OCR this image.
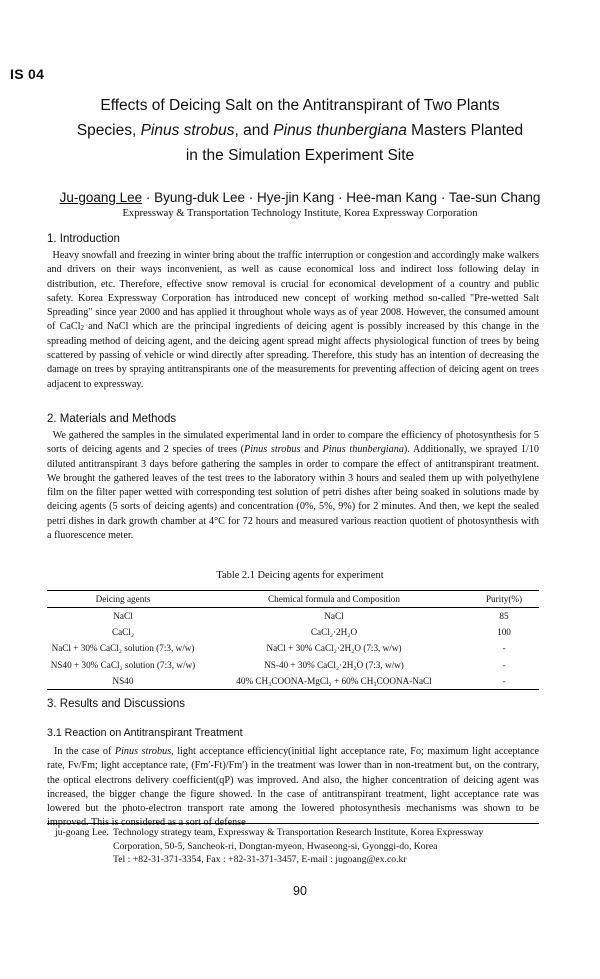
IS 04
Effects of Deicing Salt on the Antitranspirant of Two Plants
Species, Pinus strobus, and Pinus thunbergiana Masters Planted
in the Simulation Experiment Site
Ju-goang Lee · Byung-duk Lee · Hye-jin Kang · Hee-man Kang · Tae-sun Chang
Expressway & Transportation Technology Institute, Korea Expressway Corporation
1. Introduction

Heavy snowfall and freezing in winter bring about the traffic interruption or congestion and accordingly make walkers and drivers on their ways inconvenient, as well as cause economical loss and indirect loss following delay in distribution, etc. Therefore, effective snow removal is crucial for economical development of a country and public safety. Korea Expressway Corporation has introduced new concept of working method so-called "Pre-wetted Salt Spreading" since year 2000 and has applied it throughout whole ways as of year 2008. However, the consumed amount of CaCl$_2$ and NaCl which are the principal ingredients of deicing agent is possibly increased by this change in the spreading method of deicing agent, and the deicing agent spread might affects physiological function of trees by being scattered by passing of vehicle or wind directly after spreading. Therefore, this study has an intention of decreasing the damage on trees by spraying antitranspirants one of the measurements for preventing affection of deicing agent on trees adjacent to expressway.

2. Materials and Methods

We gathered the samples in the simulated experimental land in order to compare the efficiency of photosynthesis for 5 sorts of deicing agents and 2 species of trees (Pinus strobus and Pinus thunbergiana). Additionally, we sprayed 1/10 diluted antitranspirant 3 days before gathering the samples in order to compare the effect of antitranspirant treatment. We brought the gathered leaves of the test trees to the laboratory within 3 hours and sealed them up with polyethylene film on the filter paper wetted with corresponding test solution of petri dishes after being soaked in solutions made by deicing agents (5 sorts of deicing agents) and concentration (0%, 5%, 9%) for 2 minutes. And then, we kept the sealed petri dishes in dark growth chamber at 4°C for 72 hours and measured various reaction quotient of photosynthesis with a fluorescence meter.

Table 2.1 Deicing agents for experiment
Deicing agents	Chemical formula and Composition	Purity(%)
NaCl	NaCl	85
CaCl₂	CaCl₂·2H₂O	100
NaCl + 30% CaCl₂ solution (7:3, w/w)	NaCl + 30% CaCl₂·2H₂O (7:3, w/w)	-
NS40 + 30% CaCl₂ solution (7:3, w/w)	NS-40 + 30% CaCl₂·2H₂O (7:3, w/w)	-
NS40	40% CH₃COONA-MgCl₂ + 60% CH₃COONA-NaCl	-
3. Results and Discussions
3.1 Reaction on Antitranspirant Treatment

In the case of Pinus strobus, light acceptance efficiency(initial light acceptance rate, Fo; maximum light acceptance rate, Fv/Fm; light acceptance rate, (Fm′-Ft)/Fm′) in the treatment was lower than in non-treatment but, on the contrary, the optical electrons delivery coefficient(qP) was improved. And also, the higher concentration of deicing agent was increased, the bigger change the figure showed. In the case of antitranspirant treatment, light acceptance rate was lowered but the photo-electron transport rate among the lowered photosynthesis mechanisms was shown to be improved. This is considered as a sort of defense

ju-goang Lee. Technology strategy team, Expressway & Transportation Research Institute, Korea Expressway
Corporation, 50-5, Sancheok-ri, Dongtan-myeon, Hwaseong-si, Gyonggi-do, Korea
Tel : +82-31-371-3354, Fax : +82-31-371-3457, E-mail : jugoang@ex.co.kr
90
